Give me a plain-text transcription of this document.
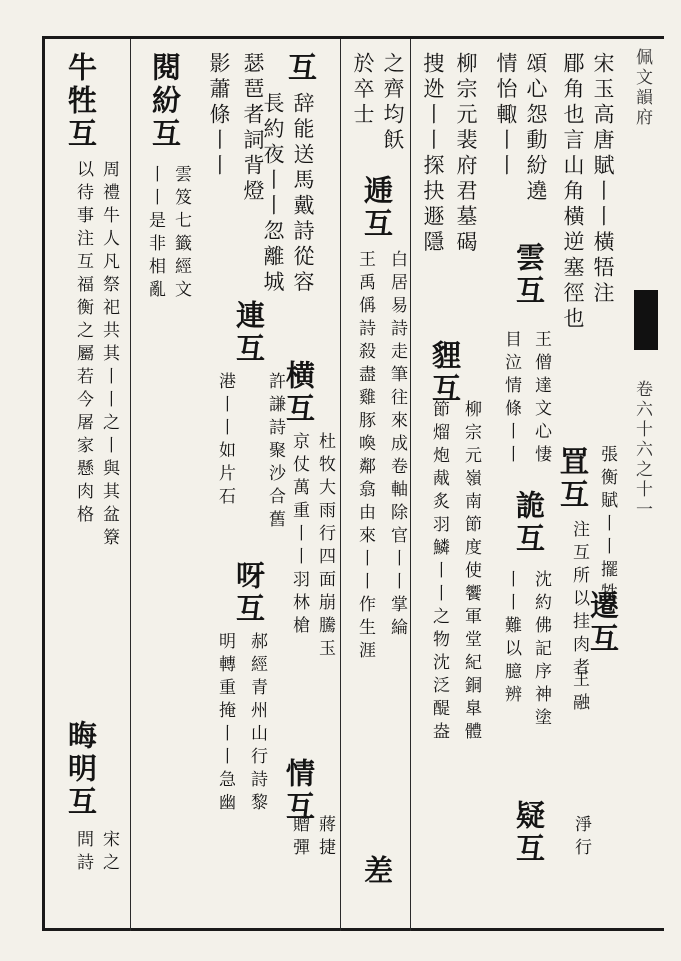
佩文韻府
卷六十六之十一
宋玉高唐賦丨丨橫牾注
張衡賦丨丨擺牲
遷互
郿角也言山角橫逆塞徑也
罝互
注互所以挂肉者
王融
淨行
頌心怨動紛遶
雲互
王僧達文心悽
詭互
沈約佛記序神塗
疑互
情怡輙丨丨
目泣情條丨丨
丨丨難以臆辨
柳宗元裴府君墓碣
貍互
柳宗元嶺南節度使饗軍堂紀銅臯體
捜迯丨丨探抉遯隱
節熘炮胾炙羽鱗丨丨之物沈泛醍盎
之齊均飫
逓互
白居易詩走筆往來成卷軸除官丨丨掌綸
差
於卒士
王禹偁詩殺盡雞豚喚鄰翕由來丨丨作生涯
互
辞能送馬戴詩從容
横互
杜牧大雨行四面崩騰玉
情互
蔣捷
長約夜丨丨忽離城
京仗萬重丨丨羽林槍
贈彈
瑟琶者詞背燈
連互
許謙詩聚沙合舊
呀互
郝經青州山行詩黎
影蕭條丨丨
港丨丨如片石
明轉重掩丨丨急幽
閱紛互
雲笈七籤經文
丨丨是非相亂
牛牲互
周禮牛人凡祭祀共其丨丨之丨與其盆簝
以待事注互福衡之屬若今屠家懸肉格
晦明互
宋之
問詩
